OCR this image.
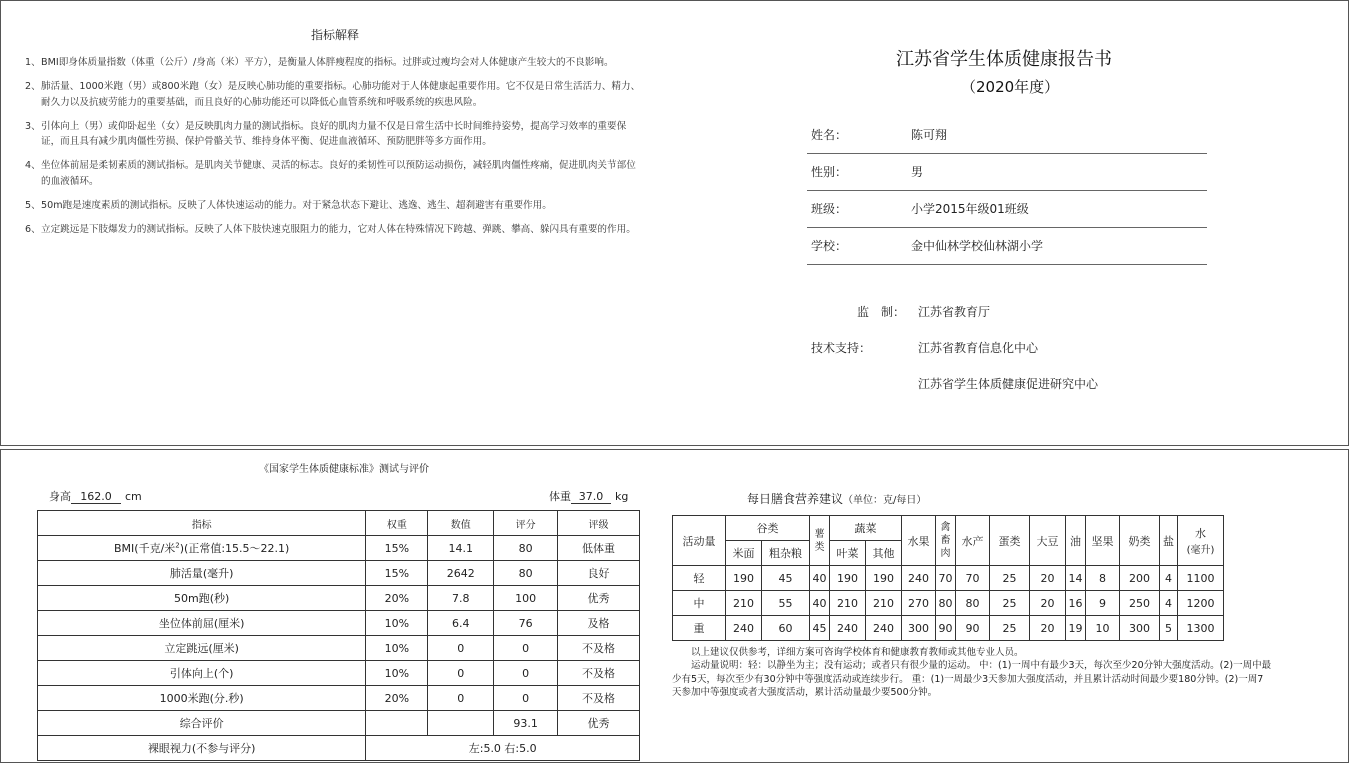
指标解释
1、 BMI即身体质量指数（体重（公斤）/身高（米）平方），是衡量人体胖瘦程度的指标。过胖或过瘦均会对人体健康产生较大的不良影响。
2、 肺活量、1000米跑（男）或800米跑（女）是反映心肺功能的重要指标。心肺功能对于人体健康起重要作用。它不仅是日常生活活力、精力、耐久力以及抗疲劳能力的重要基础，而且良好的心肺功能还可以降低心血管系统和呼吸系统的疾患风险。
3、 引体向上（男）或仰卧起坐（女）是反映肌肉力量的测试指标。良好的肌肉力量不仅是日常生活中长时间维持姿势，提高学习效率的重要保证，而且具有减少肌肉僵性劳损、保护骨骼关节、维持身体平衡、促进血液循环、预防肥胖等多方面作用。
4、 坐位体前屈是柔韧素质的测试指标。是肌肉关节健康、灵活的标志。良好的柔韧性可以预防运动损伤，减轻肌肉僵性疼痛，促进肌肉关节部位的血液循环。
5、 50m跑是速度素质的测试指标。反映了人体快速运动的能力。对于紧急状态下避让、逃逸、逃生、超刹避害有重要作用。
6、 立定跳远是下肢爆发力的测试指标。反映了人体下肢快速克服阻力的能力，它对人体在特殊情况下跨越、弹跳、攀高、躲闪具有重要的作用。
江苏省学生体质健康报告书
（2020年度）
姓名：	陈可翔
性别：	男
班级：	小学2015年级01班级
学校：	金中仙林学校仙林湖小学
监　制： 江苏省教育厅
技术支持：	江苏省教育信息化中心
江苏省学生体质健康促进研究中心
《国家学生体质健康标准》测试与评价
身高 162.0 cm	体重 37.0 kg
指标	权重	数值	评分	评级
BMI(千克/米$^2$)(正常值:15.5～22.1)	15%	14.1	80	低体重
肺活量(毫升)	15%	2642	80	良好
50m跑(秒)	20%	7.8	100	优秀
坐位体前屈(厘米)	10%	6.4	76	及格
立定跳远(厘米)	10%	0	0	不及格
引体向上(个)	10%	0	0	不及格
1000米跑(分.秒)	20%	0	0	不及格
综合评价			93.1	优秀
裸眼视力(不参与评分)	左:5.0 右:5.0			
每日膳食营养建议（单位：克/每日）
活动量	谷类		薯类	蔬菜		水果	禽畜肉	水产	蛋类	大豆	油	坚果	奶类	盐	水
(毫升)

	米面	粗杂粮		叶菜	其他										
轻	190	45	40	190	190	240	70	70	25	20	14	8	200	4	1100
中	210	55	40	210	210	270	80	80	25	20	16	9	250	4	1200
重	240	60	45	240	240	300	90	90	25	20	19	10	300	5	1300
以上建议仅供参考，详细方案可咨询学校体育和健康教育教师或其他专业人员。
运动量说明：轻：以静坐为主；没有运动；或者只有很少量的运动。 中：(1)一周中有最少3天，每次至少20分钟大强度活动。(2)一周中最少有5天，每次至少有30分钟中等强度活动或连续步行。 重：(1)一周最少3天参加大强度活动，并且累计活动时间最少要180分钟。(2)一周7天参加中等强度或者大强度活动，累计活动量最少要500分钟。
